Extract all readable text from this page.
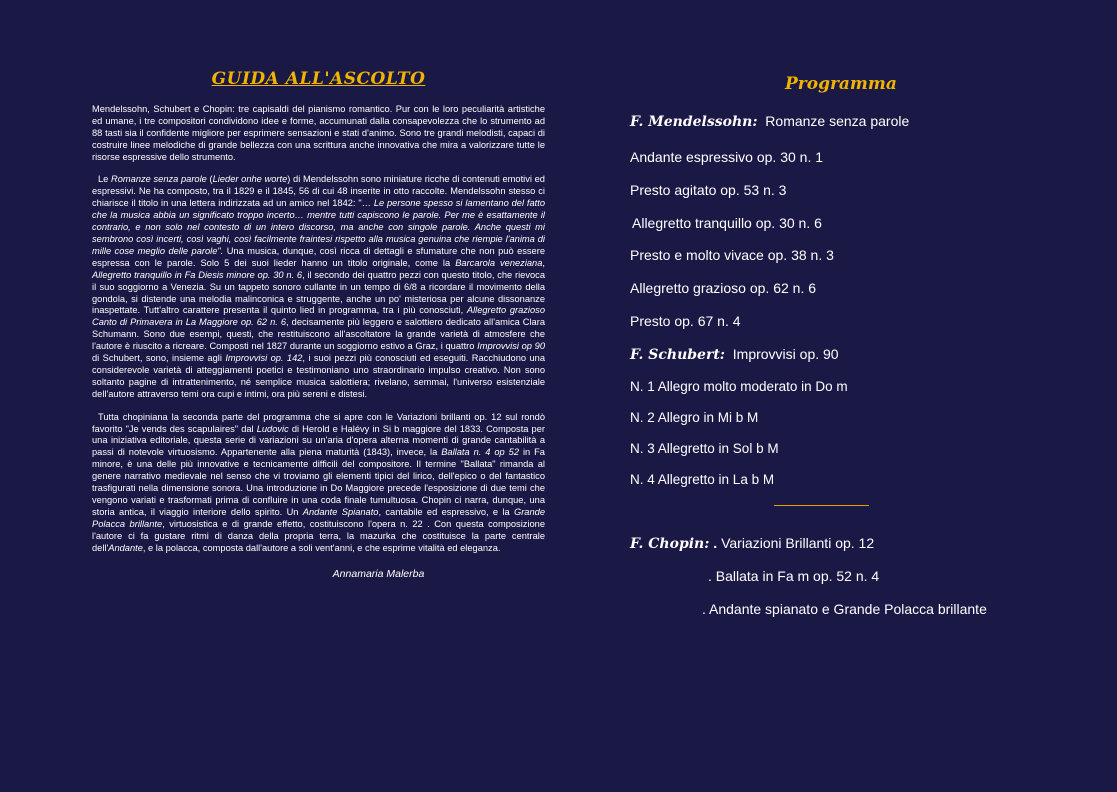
GUIDA ALL'ASCOLTO

Mendelssohn, Schubert e Chopin: tre capisaldi del pianismo romantico. Pur con le loro peculiarità artistiche ed umane, i tre compositori condividono idee e forme, accumunati dalla consapevolezza che lo strumento ad 88 tasti sia il confidente migliore per esprimere sensazioni e stati d'animo. Sono tre grandi melodisti, capaci di costruire linee melodiche di grande bellezza con una scrittura anche innovativa che mira a valorizzare tutte le risorse espressive dello strumento.

Le Romanze senza parole (Lieder onhe worte) di Mendelssohn sono miniature ricche di contenuti emotivi ed espressivi. Ne ha composto, tra il 1829 e il 1845, 56 di cui 48 inserite in otto raccolte. Mendelssohn stesso ci chiarisce il titolo in una lettera indirizzata ad un amico nel 1842: "… Le persone spesso si lamentano del fatto che la musica abbia un significato troppo incerto… mentre tutti capiscono le parole. Per me è esattamente il contrario, e non solo nel contesto di un intero discorso, ma anche con singole parole. Anche questi mi sembrono così incerti, così vaghi, così facilmente fraintesi rispetto alla musica genuina che riempie l'anima di mille cose meglio delle parole". Una musica, dunque, così ricca di dettagli e sfumature che non può essere espressa con le parole. Solo 5 dei suoi lieder hanno un titolo originale, come la Barcarola veneziana, Allegretto tranquillo in Fa Diesis minore op. 30 n. 6, il secondo dei quattro pezzi con questo titolo, che rievoca il suo soggiorno a Venezia. Su un tappeto sonoro cullante in un tempo di 6/8 a ricordare il movimento della gondola, si distende una melodia malinconica e struggente, anche un po' misteriosa per alcune dissonanze inaspettate. Tutt'altro carattere presenta il quinto lied in programma, tra i più conosciuti, Allegretto grazioso Canto di Primavera in La Maggiore op. 62 n. 6, decisamente più leggero e salottiero dedicato all'amica Clara Schumann. Sono due esempi, questi, che restituiscono all'ascoltatore la grande varietà di atmosfere che l'autore è riuscito a ricreare. Composti nel 1827 durante un soggiorno estivo a Graz, i quattro Improvvisi op 90 di Schubert, sono, insieme agli Improvvisi op. 142, i suoi pezzi più conosciuti ed eseguiti. Racchiudono una considerevole varietà di atteggiamenti poetici e testimoniano uno straordinario impulso creativo. Non sono soltanto pagine di intrattenimento, né semplice musica salottiera; rivelano, semmai, l'universo esistenziale dell'autore attraverso temi ora cupi e intimi, ora più sereni e distesi.

Tutta chopiniana la seconda parte del programma che si apre con le Variazioni brillanti op. 12 sul rondò favorito "Je vends des scapulaires" dal Ludovic di Herold e Halévy in Si b maggiore del 1833. Composta per una iniziativa editoriale, questa serie di variazioni su un'aria d'opera alterna momenti di grande cantabilità a passi di notevole virtuosismo. Appartenente alla piena maturità (1843), invece, la Ballata n. 4 op 52 in Fa minore, è una delle più innovative e tecnicamente difficili del compositore. Il termine "Ballata" rimanda al genere narrativo medievale nel senso che vi troviamo gli elementi tipici del lirico, dell'epico o del fantastico trasfigurati nella dimensione sonora. Una introduzione in Do Maggiore precede l'esposizione di due temi che vengono variati e trasformati prima di confluire in una coda finale tumultuosa. Chopin ci narra, dunque, una storia antica, il viaggio interiore dello spirito. Un Andante Spianato, cantabile ed espressivo, e la Grande Polacca brillante, virtuosistica e di grande effetto, costituiscono l'opera n. 22 . Con questa composizione l'autore ci fa gustare ritmi di danza della propria terra, la mazurka che costituisce la parte centrale dell'Andante, e la polacca, composta dall'autore a soli vent'anni, e che esprime vitalità ed eleganza.

Annamaria Malerba
Programma
F. Mendelssohn: Romanze senza parole
Andante espressivo op. 30 n. 1
Presto agitato op. 53 n. 3
Allegretto tranquillo op. 30 n. 6
Presto e molto vivace op. 38 n. 3
Allegretto grazioso op. 62 n. 6
Presto op. 67 n. 4
F. Schubert: Improvvisi op. 90
N. 1 Allegro molto moderato in Do m
N. 2 Allegro in Mi b M
N. 3 Allegretto in Sol b M
N. 4 Allegretto in La b M
F. Chopin: . Variazioni Brillanti op. 12
. Ballata in Fa m op. 52 n. 4
. Andante spianato e Grande Polacca brillante
